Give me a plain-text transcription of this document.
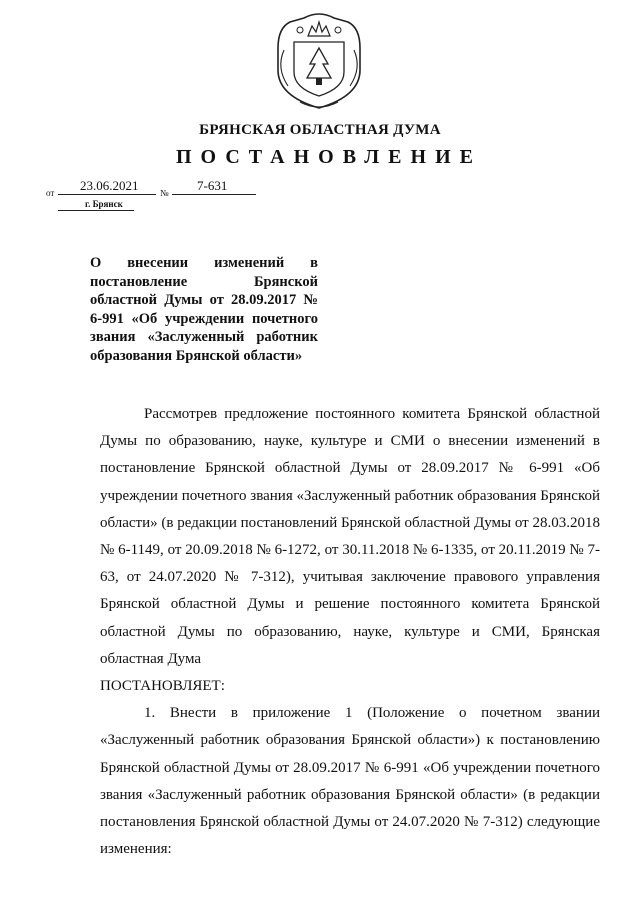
БРЯНСКАЯ ОБЛАСТНАЯ ДУМА
ПОСТАНОВЛЕНИЕ
от 23.06.2021 № 7-631
г. Брянск
О внесении изменений в постановление Брянской областной Думы от 28.09.2017 № 6-991 «Об учреждении почетного звания «Заслуженный работник образования Брянской области»

Рассмотрев предложение постоянного комитета Брянской областной Думы по образованию, науке, культуре и СМИ о внесении изменений в постановление Брянской областной Думы от 28.09.2017 № 6-991 «Об учреждении почетного звания «Заслуженный работник образования Брянской области» (в редакции постановлений Брянской областной Думы от 28.03.2018 № 6-1149, от 20.09.2018 № 6-1272, от 30.11.2018 № 6-1335, от 20.11.2019 № 7-63, от 24.07.2020 № 7-312), учитывая заключение правового управления Брянской областной Думы и решение постоянного комитета Брянской областной Думы по образованию, науке, культуре и СМИ, Брянская областная Дума

ПОСТАНОВЛЯЕТ:

1. Внести в приложение 1 (Положение о почетном звании «Заслуженный работник образования Брянской области») к постановлению Брянской областной Думы от 28.09.2017 № 6-991 «Об учреждении почетного звания «Заслуженный работник образования Брянской области» (в редакции постановления Брянской областной Думы от 24.07.2020 № 7-312) следующие изменения:
